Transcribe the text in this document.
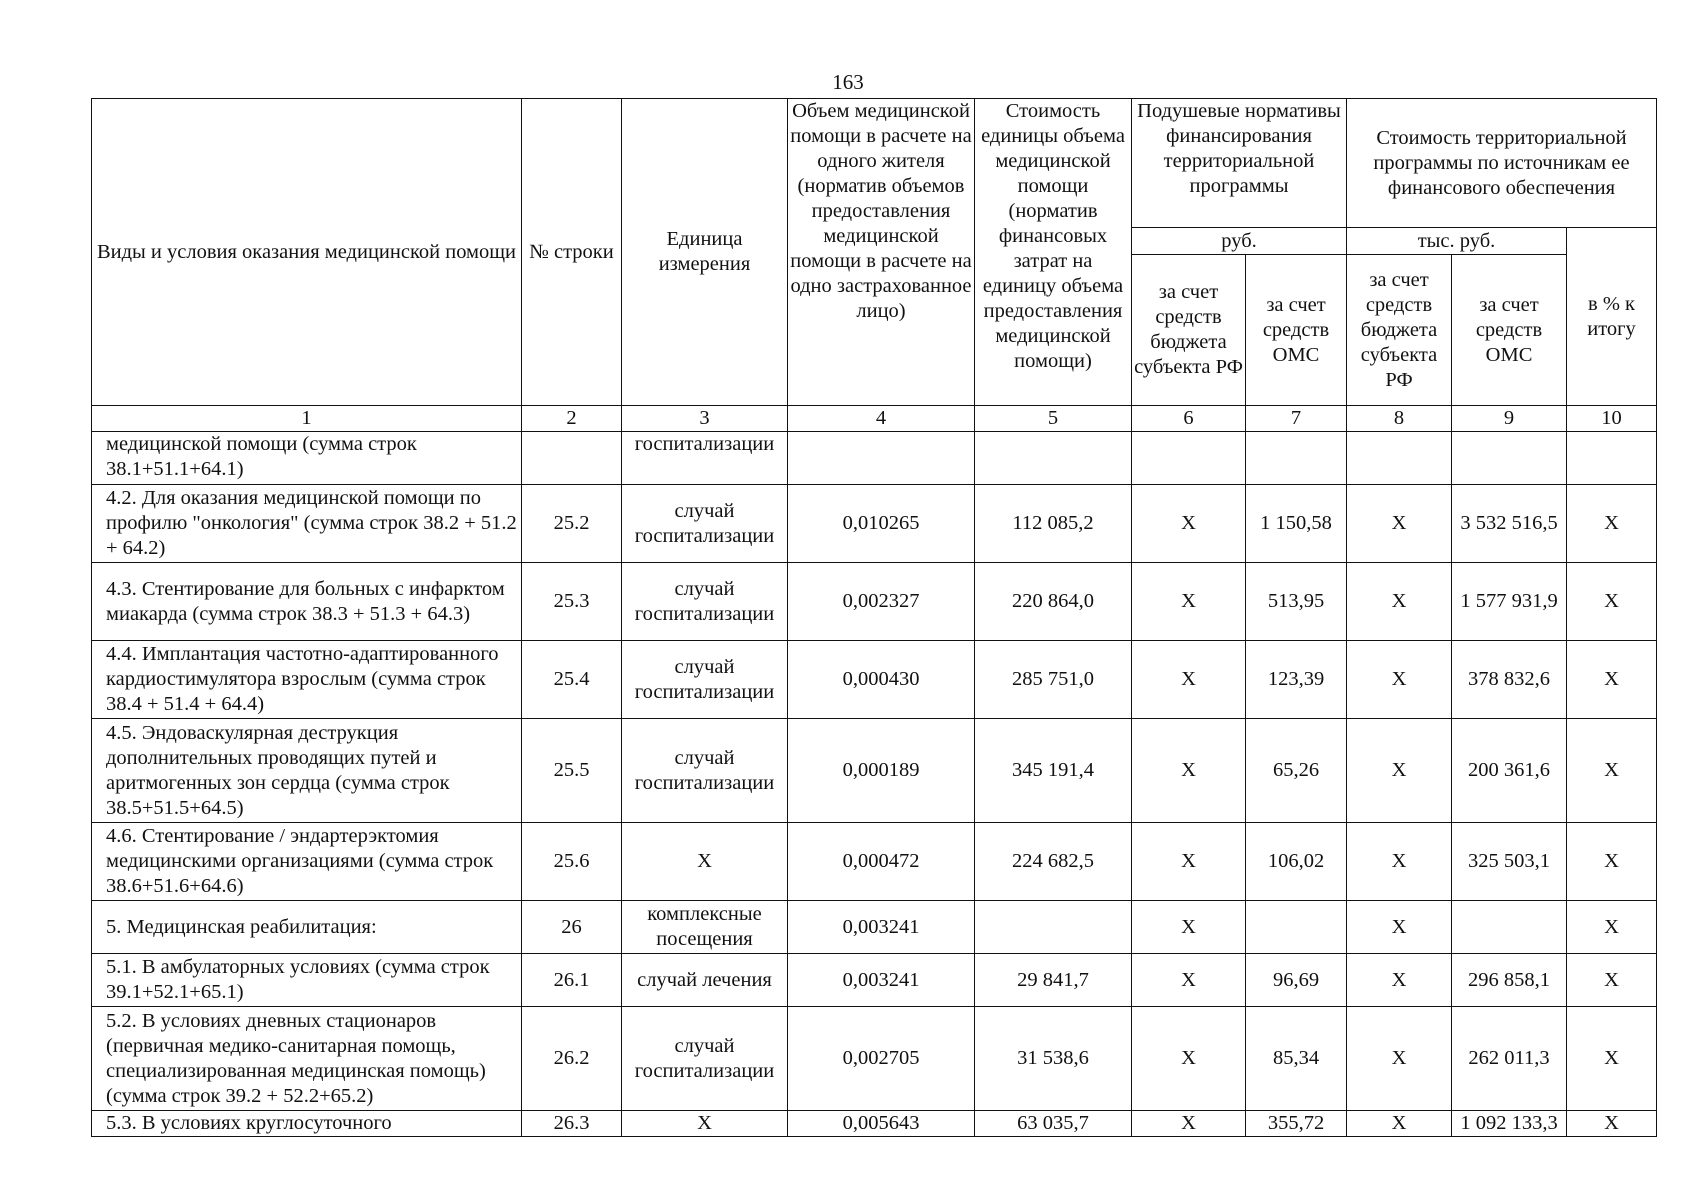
163
Виды и условия оказания медицинской помощи	№ строки	Единица измерения	Объем медицинской помощи в расчете на одного жителя (норматив объемов предоставления медицинской помощи в расчете на одно застрахованное лицо)	Стоимость единицы объема медицинской помощи (норматив финансовых затрат на единицу объема предоставления медицинской помощи)	Подушевые нормативы финансирования территориальной программы		Стоимость территориальной программы по источникам ее финансового обеспечения		
					руб.		тыс. руб.		в % к итогу
					за счет средств бюджета субъекта РФ	за счет средств ОМС	за счет средств бюджета субъекта РФ	за счет средств ОМС	
1	2	3	4	5	6	7	8	9	10
медицинской помощи (сумма строк 38.1+51.1+64.1)		госпитализации							
4.2. Для оказания медицинской помощи по профилю "онкология" (сумма строк 38.2 + 51.2 + 64.2)	25.2	случай госпитализации	0,010265	112 085,2	Х	1 150,58	Х	3 532 516,5	Х
4.3. Стентирование для больных с инфарктом миакарда (сумма строк 38.3 + 51.3 + 64.3)	25.3	случай госпитализации	0,002327	220 864,0	Х	513,95	Х	1 577 931,9	Х
4.4. Имплантация частотно-адаптированного кардиостимулятора взрослым (сумма строк 38.4 + 51.4 + 64.4)	25.4	случай госпитализации	0,000430	285 751,0	Х	123,39	Х	378 832,6	Х
4.5. Эндоваскулярная деструкция дополнительных проводящих путей и аритмогенных зон сердца (сумма строк 38.5+51.5+64.5)	25.5	случай госпитализации	0,000189	345 191,4	Х	65,26	Х	200 361,6	Х
4.6. Стентирование / эндартерэктомия медицинскими организациями (сумма строк 38.6+51.6+64.6)	25.6	Х	0,000472	224 682,5	Х	106,02	Х	325 503,1	Х
5. Медицинская реабилитация:	26	комплексные посещения	0,003241		Х		Х		Х
5.1. В амбулаторных условиях (сумма строк 39.1+52.1+65.1)	26.1	случай лечения	0,003241	29 841,7	Х	96,69	Х	296 858,1	Х
5.2. В условиях дневных стационаров (первичная медико-санитарная помощь, специализированная медицинская помощь) (сумма строк 39.2 + 52.2+65.2)	26.2	случай госпитализации	0,002705	31 538,6	Х	85,34	Х	262 011,3	Х
5.3. В условиях круглосуточного	26.3	Х	0,005643	63 035,7	Х	355,72	Х	1 092 133,3	Х
